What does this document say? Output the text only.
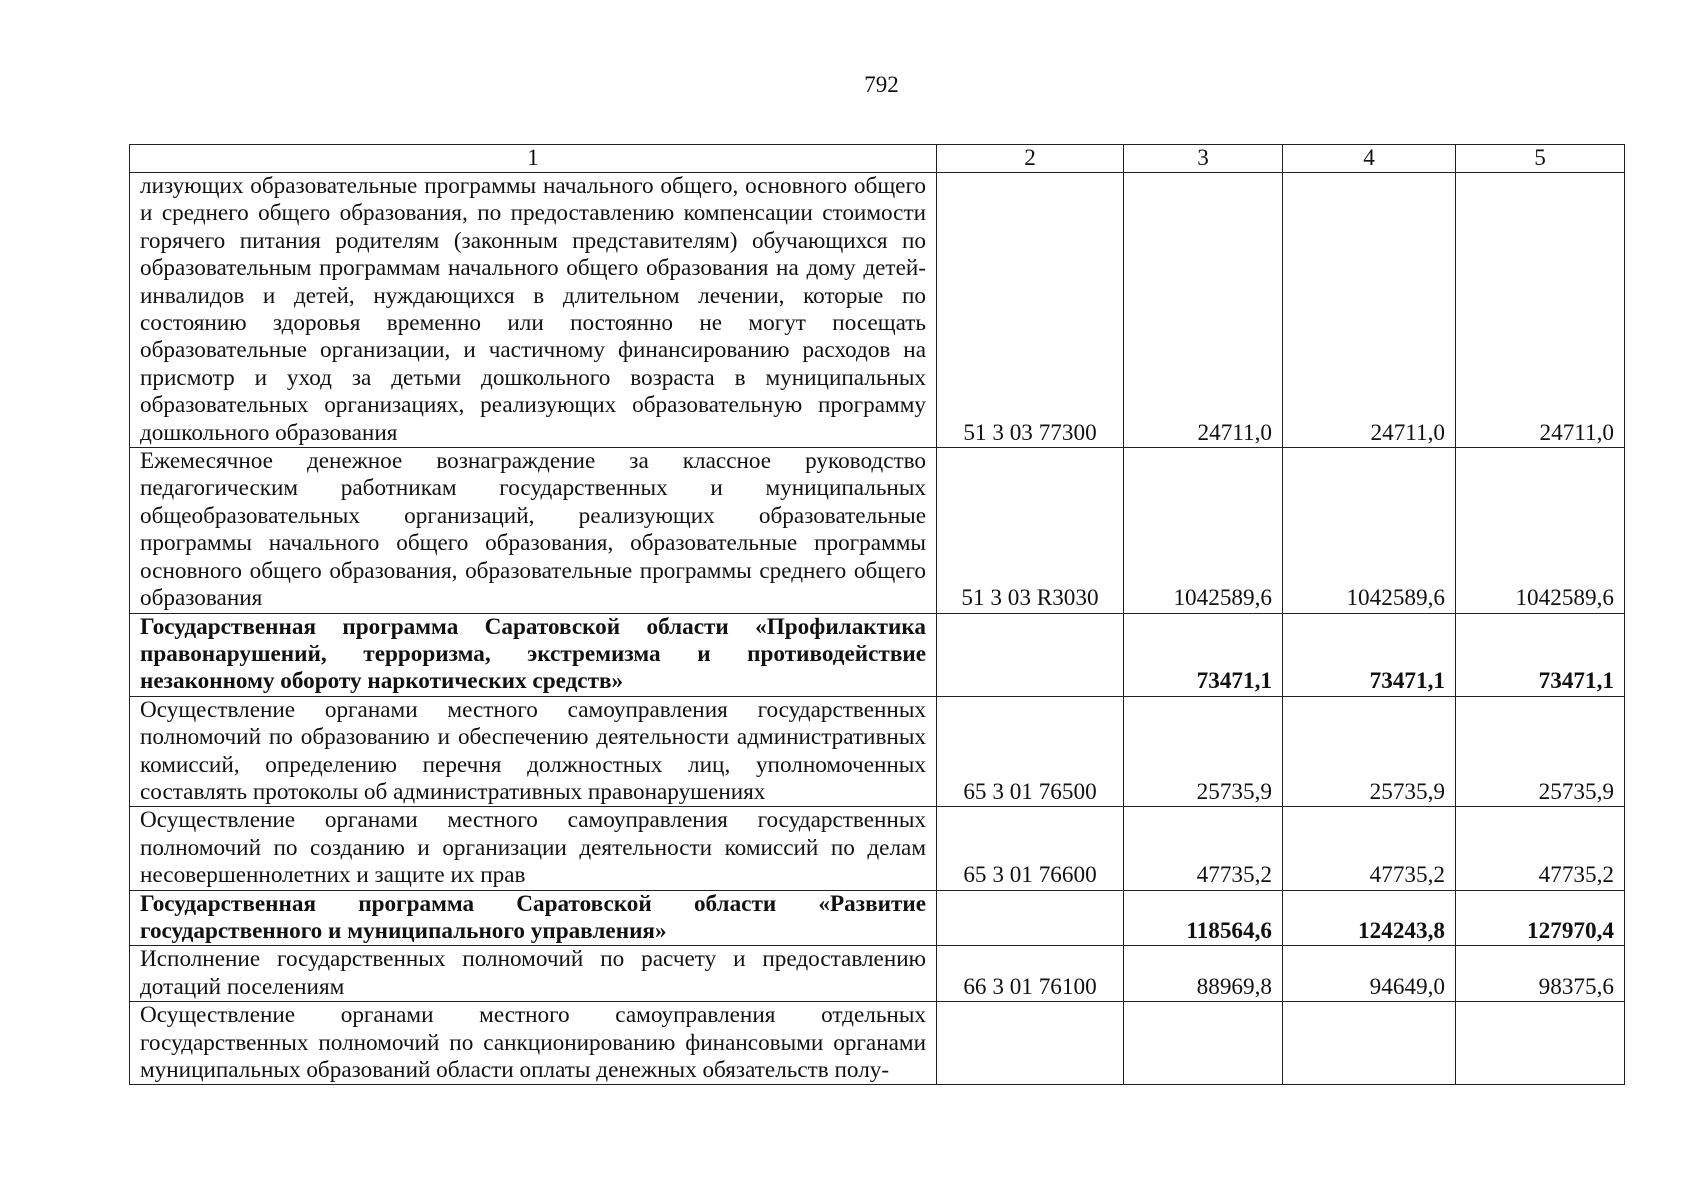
792
1	2	3	4	5
лизующих образовательные программы начального общего, основного общего и среднего общего образования, по предоставлению компенсации стоимости горячего питания родителям (законным представителям) обучающихся по образовательным программам начального общего образования на дому детей-инвалидов и детей, нуждающихся в длительном лечении, которые по состоянию здоровья временно или постоянно не могут посещать образовательные организации, и частичному финансированию расходов на присмотр и уход за детьми дошкольного возраста в муниципальных образовательных организациях, реализующих образовательную программу дошкольного образования	51 3 03 77300	24711,0	24711,0	24711,0
Ежемесячное денежное вознаграждение за классное руководство педагогическим работникам государственных и муниципальных общеобразовательных организаций, реализующих образовательные программы начального общего образования, образовательные программы основного общего образования, образовательные программы среднего общего образования	51 3 03 R3030	1042589,6	1042589,6	1042589,6
Государственная программа Саратовской области «Профилактика правонарушений, терроризма, экстремизма и противодействие незаконному обороту наркотических средств»		73471,1	73471,1	73471,1
Осуществление органами местного самоуправления государственных полномочий по образованию и обеспечению деятельности административных комиссий, определению перечня должностных лиц, уполномоченных составлять протоколы об административных правонарушениях	65 3 01 76500	25735,9	25735,9	25735,9
Осуществление органами местного самоуправления государственных полномочий по созданию и организации деятельности комиссий по делам несовершеннолетних и защите их прав	65 3 01 76600	47735,2	47735,2	47735,2
Государственная программа Саратовской области «Развитие государственного и муниципального управления»		118564,6	124243,8	127970,4
Исполнение государственных полномочий по расчету и предоставлению дотаций поселениям	66 3 01 76100	88969,8	94649,0	98375,6
Осуществление органами местного самоуправления отдельных государственных полномочий по санкционированию финансовыми органами муниципальных образований области оплаты денежных обязательств полу-				
